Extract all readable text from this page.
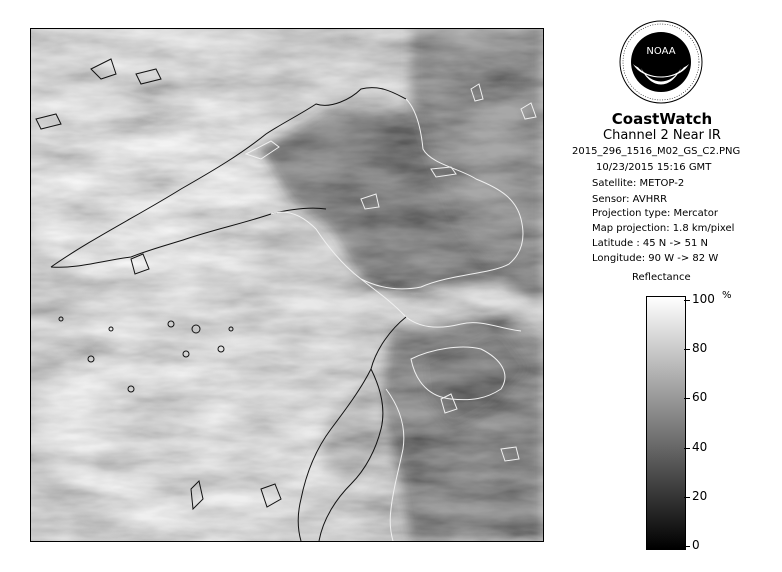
NOAA
CoastWatch
Channel 2 Near IR
2015_296_1516_M02_GS_C2.PNG
10/23/2015 15:16 GMT
Satellite: METOP-2
Sensor: AVHRR
Projection type: Mercator
Map projection: 1.8 km/pixel
Latitude : 45 N -> 51 N
Longitude: 90 W -> 82 W
Reflectance
%
100
80
60
40
20
0
